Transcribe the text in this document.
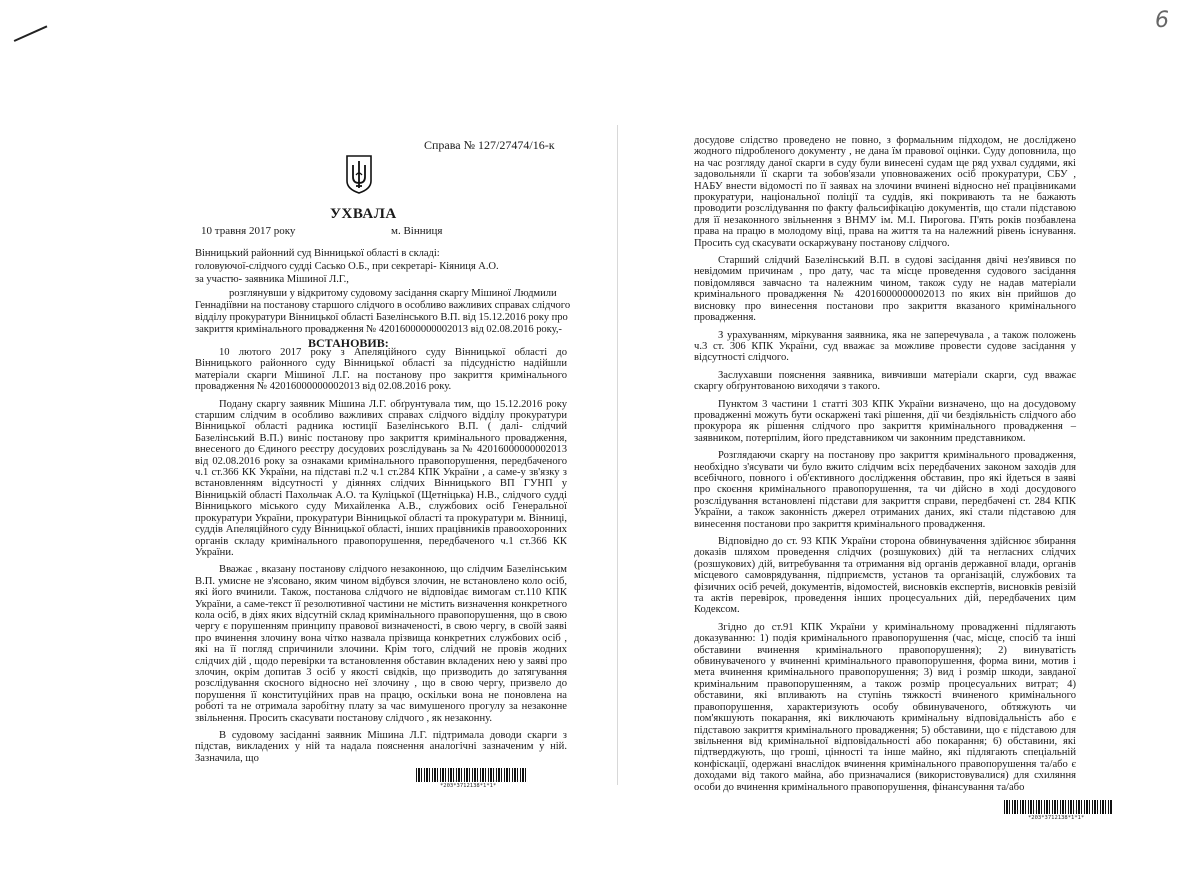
6
Справа № 127/27474/16-к
УХВАЛА
10 травня 2017 року	м. Вінниця
Вінницький районний суд Вінницької області в складі:
головуючої-слідчого судді Сасько О.Б., при секретарі- Кіяниця А.О.
за участю- заявника Мішиної Л.Г.,
розглянувши у відкритому судовому засідання скаргу Мішиної Людмили
Геннадіївни на постанову старшого слідчого в особливо важливих справах слідчого
відділу прокуратури Вінницької області Базелінського В.П. від 15.12.2016 року про
закриття кримінального провадження № 42016000000002013 від 02.08.2016 року,-
ВСТАНОВИВ:

10 лютого 2017 року з Апеляційного суду Вінницької області до Вінницького районного суду Вінницької області за підсудністю надійшли матеріали скарги Мішиної Л.Г. на постанову про закриття кримінального провадження № 42016000000002013 від 02.08.2016 року.

Подану скаргу заявник Мішина Л.Г. обґрунтувала тим, що 15.12.2016 року старшим слідчим в особливо важливих справах слідчого відділу прокуратури Вінницької області радника юстиції Базелінського В.П. ( далі- слідчий Базелінський В.П.) виніс постанову про закриття кримінального провадження, внесеного до Єдиного реєстру досудових розслідувань за № 42016000000002013 від 02.08.2016 року за ознаками кримінального правопорушення, передбаченого ч.1 ст.366 КК України, на підставі п.2 ч.1 ст.284 КПК України , а саме-у зв'язку з встановленням відсутності у діяннях слідчих Вінницького ВП ГУНП у Вінницькій області Пахольчак А.О. та Куліцької (Щетніцька) Н.В., слідчого судді Вінницького міського суду Михайленка А.В., службових осіб Генеральної прокуратури України, прокуратури Вінницької області та прокуратури м. Вінниці, суддів Апеляційного суду Вінницької області, інших працівників правоохоронних органів складу кримінального правопорушення, передбаченого ч.1 ст.366 КК України.

Вважає , вказану постанову слідчого незаконною, що слідчим Базелінським В.П. умисне не з'ясовано, яким чином відбувся злочин, не встановлено коло осіб, які його вчинили. Також, постанова слідчого не відповідає вимогам ст.110 КПК України, а саме-текст її резолютивної частини не містить визначення конкретного кола осіб, в діях яких відсутній склад кримінального правопорушення, що в свою чергу є порушенням принципу правової визначеності, в свою чергу, в своїй заяві про вчинення злочину вона чітко назвала прізвища конкретних службових осіб , які на її погляд спричинили злочини. Крім того, слідчий не провів жодних слідчих дій , щодо перевірки та встановлення обставин вкладених нею у заяві про злочин, окрім допитав 3 осіб у якості свідків, що призводить до затягування розслідування скосного відносно неї злочину , що в свою чергу, призвело до порушення її конституційних прав на працю, оскільки вона не поновлена на роботі та не отримала заробітну плату за час вимушеного прогулу за незаконне звільнення. Просить скасувати постанову слідчого , як незаконну.

В судовому засіданні заявник Мішина Л.Г. підтримала доводи скарги з підстав, викладених у ній та надала пояснення аналогічні зазначеним у ній. Зазначила, що

*203*3712138*1*1*

досудове слідство проведено не повно, з формальним підходом, не досліджено жодного підробленого документу , не дана їм правової оцінки. Суду доповнила, що на час розгляду даної скарги в суду були винесені судам ще ряд ухвал суддями, які задовольняли її скарги та зобов'язали уповноважених осіб прокуратури, СБУ , НАБУ внести відомості по її заявах на злочини вчинені відносно неї працівниками прокуратури, національної поліції та суддів, які покривають та не бажають проводити розслідування по факту фальсифікацію документів, що стали підставою для її незаконного звільнення з ВНМУ ім. М.І. Пирогова. П'ять років позбавлена права на працю в молодому віці, права на життя та на належний рівень існування. Просить суд скасувати оскаржувану постанову слідчого.

Старший слідчий Базелінський В.П. в судові засідання двічі нез'явився по невідомим причинам , про дату, час та місце проведення судового засідання повідомлявся завчасно та належним чином, також суду не надав матеріали кримінального провадження № 42016000000002013 по яких він прийшов до висновку про винесення постанови про закриття вказаного кримінального провадження.

З урахуванням, міркування заявника, яка не заперечувала , а також положень ч.3 ст. 306 КПК України, суд вважає за можливе провести судове засідання у відсутності слідчого.

Заслухавши пояснення заявника, вивчивши матеріали скарги, суд вважає скаргу обґрунтованою виходячи з такого.

Пунктом 3 частини 1 статті 303 КПК України визначено, що на досудовому провадженні можуть бути оскаржені такі рішення, дії чи бездіяльність слідчого або прокурора як рішення слідчого про закриття кримінального провадження – заявником, потерпілим, його представником чи законним представником.

Розглядаючи скаргу на постанову про закриття кримінального провадження, необхідно з'ясувати чи було вжито слідчим всіх передбачених законом заходів для всебічного, повного і об'єктивного дослідження обставин, про які йдеться в заяві про скоєння кримінального правопорушення, та чи дійсно в ході досудового розслідування встановлені підстави для закриття справи, передбачені ст. 284 КПК України, а також законність джерел отриманих даних, які стали підставою для винесення постанови про закриття кримінального провадження.

Відповідно до ст. 93 КПК України сторона обвинувачення здійснює збирання доказів шляхом проведення слідчих (розшукових) дій та негласних слідчих (розшукових) дій, витребування та отримання від органів державної влади, органів місцевого самоврядування, підприємств, установ та організацій, службових та фізичних осіб речей, документів, відомостей, висновків експертів, висновків ревізій та актів перевірок, проведення інших процесуальних дій, передбачених цим Кодексом.

Згідно до ст.91 КПК України у кримінальному провадженні підлягають доказуванню: 1) подія кримінального правопорушення (час, місце, спосіб та інші обставини вчинення кримінального правопорушення); 2) винуватість обвинуваченого у вчиненні кримінального правопорушення, форма вини, мотив і мета вчинення кримінального правопорушення; 3) вид і розмір шкоди, завданої кримінальним правопорушенням, а також розмір процесуальних витрат; 4) обставини, які впливають на ступінь тяжкості вчиненого кримінального правопорушення, характеризують особу обвинуваченого, обтяжують чи пом'якшують покарання, які виключають кримінальну відповідальність або є підставою закриття кримінального провадження; 5) обставини, що є підставою для звільнення від кримінальної відповідальності або покарання; 6) обставини, які підтверджують, що гроші, цінності та інше майно, які підлягають спеціальній конфіскації, одержані внаслідок вчинення кримінального правопорушення та/або є доходами від такого майна, або призначалися (використовувалися) для схиляння особи до вчинення кримінального правопорушення, фінансування та/або

*203*3712138*1*1*
